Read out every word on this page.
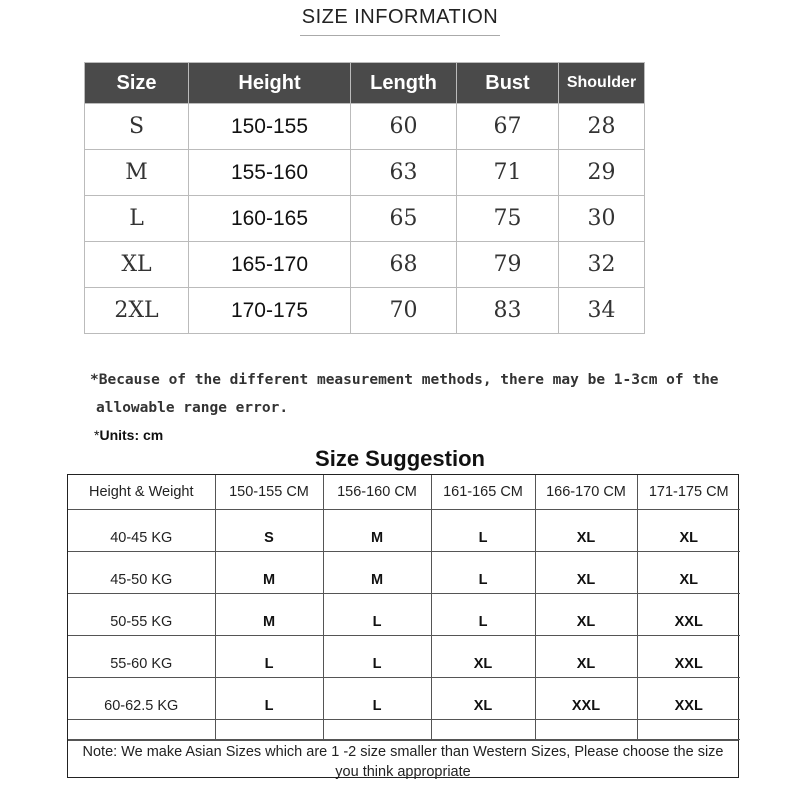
SIZE INFORMATION
Size	Height	Length	Bust	Shoulder
S	150-155	60	67	28
M	155-160	63	71	29
L	160-165	65	75	30
XL	165-170	68	79	32
2XL	170-175	70	83	34
*Because of the different measurement methods, there may be 1-3cm of the
allowable range error.
*Units: cm
Size Suggestion
Height & Weight	150-155 CM	156-160 CM	161-165 CM	166-170 CM	171-175 CM
40-45 KG	S	M	L	XL	XL
45-50 KG	M	M	L	XL	XL
50-55 KG	M	L	L	XL	XXL
55-60 KG	L	L	XL	XL	XXL
60-62.5 KG	L	L	XL	XXL	XXL

Note: We make Asian Sizes which are 1 -2 size smaller than Western Sizes, Please choose the size you think appropriate
